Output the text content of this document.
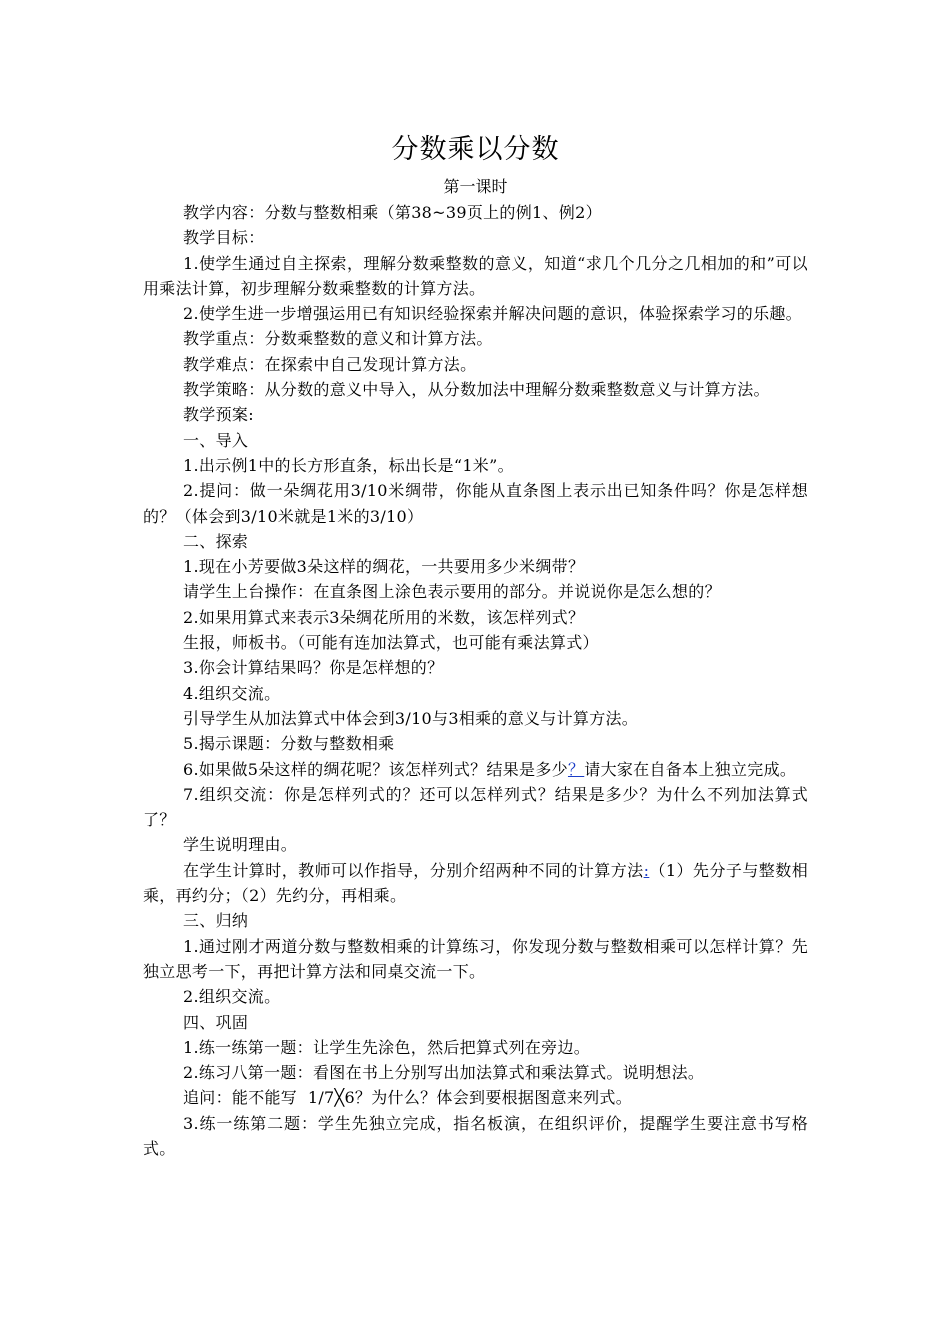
分数乘以分数
第一课时

教学内容：分数与整数相乘（第38~39页上的例1、例2）

教学目标：

1.使学生通过自主探索，理解分数乘整数的意义，知道“求几个几分之几相加的和”可以用乘法计算，初步理解分数乘整数的计算方法。

2.使学生进一步增强运用已有知识经验探索并解决问题的意识，体验探索学习的乐趣。

教学重点：分数乘整数的意义和计算方法。

教学难点：在探索中自己发现计算方法。

教学策略：从分数的意义中导入，从分数加法中理解分数乘整数意义与计算方法。

教学预案:

一、导入

1.出示例1中的长方形直条，标出长是“1米”。

2.提问：做一朵绸花用3/10米绸带，你能从直条图上表示出已知条件吗？你是怎样想的？（体会到3/10米就是1米的3/10）

二、探索

1.现在小芳要做3朵这样的绸花，一共要用多少米绸带？

请学生上台操作：在直条图上涂色表示要用的部分。并说说你是怎么想的？

2.如果用算式来表示3朵绸花所用的米数，该怎样列式？

生报，师板书。（可能有连加法算式，也可能有乘法算式）

3.你会计算结果吗？你是怎样想的？

4.组织交流。

引导学生从加法算式中体会到3/10与3相乘的意义与计算方法。

5.揭示课题：分数与整数相乘

6.如果做5朵这样的绸花呢？该怎样列式？结果是多少？请大家在自备本上独立完成。

7.组织交流：你是怎样列式的？还可以怎样列式？结果是多少？为什么不列加法算式了？

学生说明理由。

在学生计算时，教师可以作指导，分别介绍两种不同的计算方法:（1）先分子与整数相乘，再约分；（2）先约分，再相乘。

三、归纳

1.通过刚才两道分数与整数相乘的计算练习，你发现分数与整数相乘可以怎样计算？先独立思考一下，再把计算方法和同桌交流一下。

2.组织交流。

四、巩固

1.练一练第一题：让学生先涂色，然后把算式列在旁边。

2.练习八第一题：看图在书上分别写出加法算式和乘法算式。说明想法。

追问：能不能写  1/7╳6？为什么？体会到要根据图意来列式。

3.练一练第二题：学生先独立完成，指名板演，在组织评价，提醒学生要注意书写格式。
